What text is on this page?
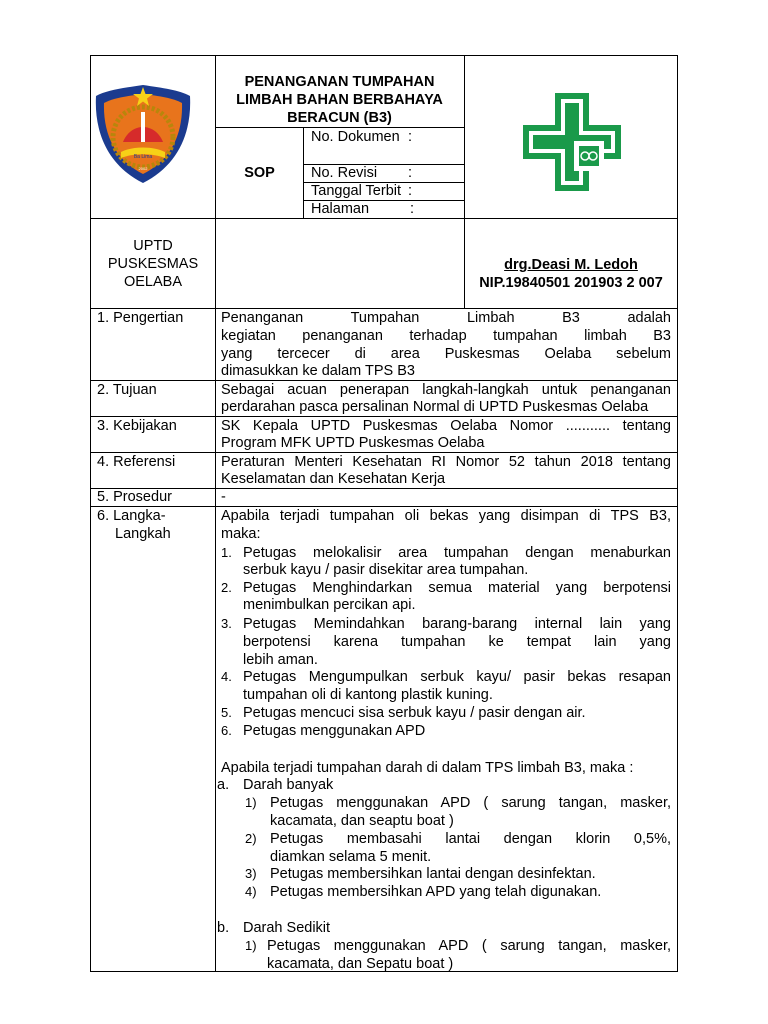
Ba Lima
2002
PENANGANAN TUMPAHAN
LIMBAH BAHAN BERBAHAYA
BERACUN (B3)
SOP
No. Dokumen :
No. Revisi :
Tanggal Terbit :
Halaman	:
UPTD
PUSKESMAS
OELABA
drg.Deasi M. Ledoh
NIP.19840501 201903 2 007
1. Pengertian	Penanganan Tumpahan Limbah B3 adalah
kegiatan penanganan terhadap tumpahan limbah B3
yang tercecer di area Puskesmas Oelaba sebelum
dimasukkan ke dalam TPS B3
2. Tujuan	Sebagai acuan penerapan langkah-langkah untuk penanganan
perdarahan pasca persalinan Normal di UPTD Puskesmas Oelaba
3. Kebijakan	SK Kepala UPTD Puskesmas Oelaba Nomor ........... tentang
Program MFK UPTD Puskesmas Oelaba
4. Referensi	Peraturan Menteri Kesehatan RI Nomor 52 tahun 2018 tentang
Keselamatan dan Kesehatan Kerja
5. Prosedur	-
6. Langka-
Langkah
Apabila terjadi tumpahan oli bekas yang disimpan di TPS B3,
maka:
1. Petugas melokalisir area tumpahan dengan menaburkan
serbuk kayu / pasir disekitar area tumpahan.
2. Petugas Menghindarkan semua material yang berpotensi
menimbulkan percikan api.
3. Petugas Memindahkan barang-barang internal lain yang
berpotensi karena tumpahan ke tempat lain yang
lebih aman.
4. Petugas Mengumpulkan serbuk kayu/ pasir bekas resapan
tumpahan oli di kantong plastik kuning.
5. Petugas mencuci sisa serbuk kayu / pasir dengan air.
6. Petugas menggunakan APD
Apabila terjadi tumpahan darah di dalam TPS limbah B3, maka :
a. Darah banyak
1) Petugas menggunakan APD ( sarung tangan, masker,
kacamata, dan seaptu boat )
2) Petugas membasahi lantai dengan klorin 0,5%,
diamkan selama 5 menit.
3) Petugas membersihkan lantai dengan desinfektan.
4) Petugas membersihkan APD yang telah digunakan.
b. Darah Sedikit
1) Petugas menggunakan APD ( sarung tangan, masker,
kacamata, dan Sepatu boat )
